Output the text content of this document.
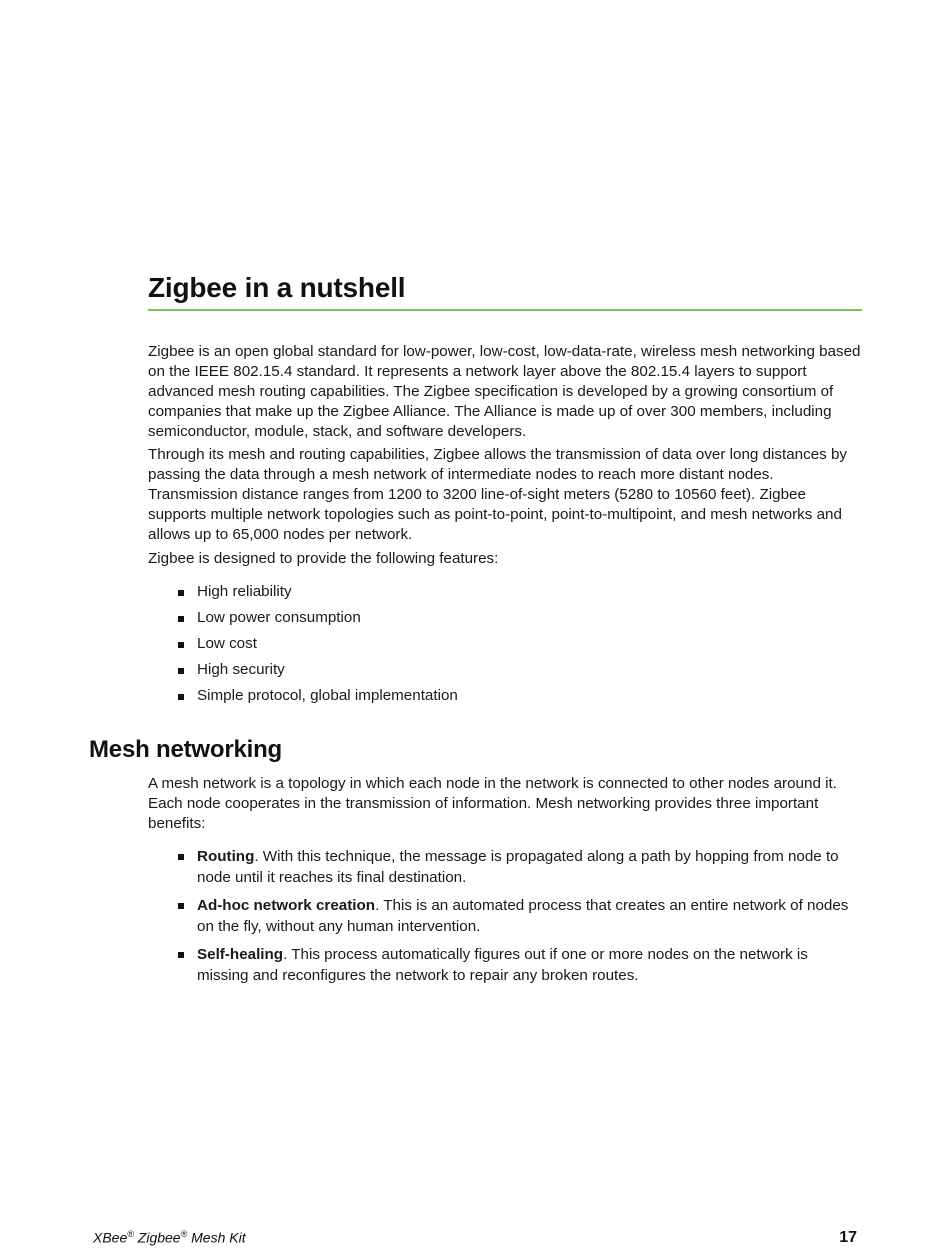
Zigbee in a nutshell

Zigbee is an open global standard for low-power, low-cost, low-data-rate, wireless mesh networking based on the IEEE 802.15.4 standard. It represents a network layer above the 802.15.4 layers to support advanced mesh routing capabilities. The Zigbee specification is developed by a growing consortium of companies that make up the Zigbee Alliance. The Alliance is made up of over 300 members, including semiconductor, module, stack, and software developers.

Through its mesh and routing capabilities, Zigbee allows the transmission of data over long distances by passing the data through a mesh network of intermediate nodes to reach more distant nodes. Transmission distance ranges from 1200 to 3200 line-of-sight meters (5280 to 10560 feet). Zigbee supports multiple network topologies such as point-to-point, point-to-multipoint, and mesh networks and allows up to 65,000 nodes per network.

Zigbee is designed to provide the following features:

High reliability
Low power consumption
Low cost
High security
Simple protocol, global implementation
Mesh networking

A mesh network is a topology in which each node in the network is connected to other nodes around it. Each node cooperates in the transmission of information. Mesh networking provides three important benefits:

Routing. With this technique, the message is propagated along a path by hopping from node to node until it reaches its final destination.
Ad-hoc network creation. This is an automated process that creates an entire network of nodes on the fly, without any human intervention.
Self-healing. This process automatically figures out if one or more nodes on the network is missing and reconfigures the network to repair any broken routes.
XBee® Zigbee® Mesh Kit	17
